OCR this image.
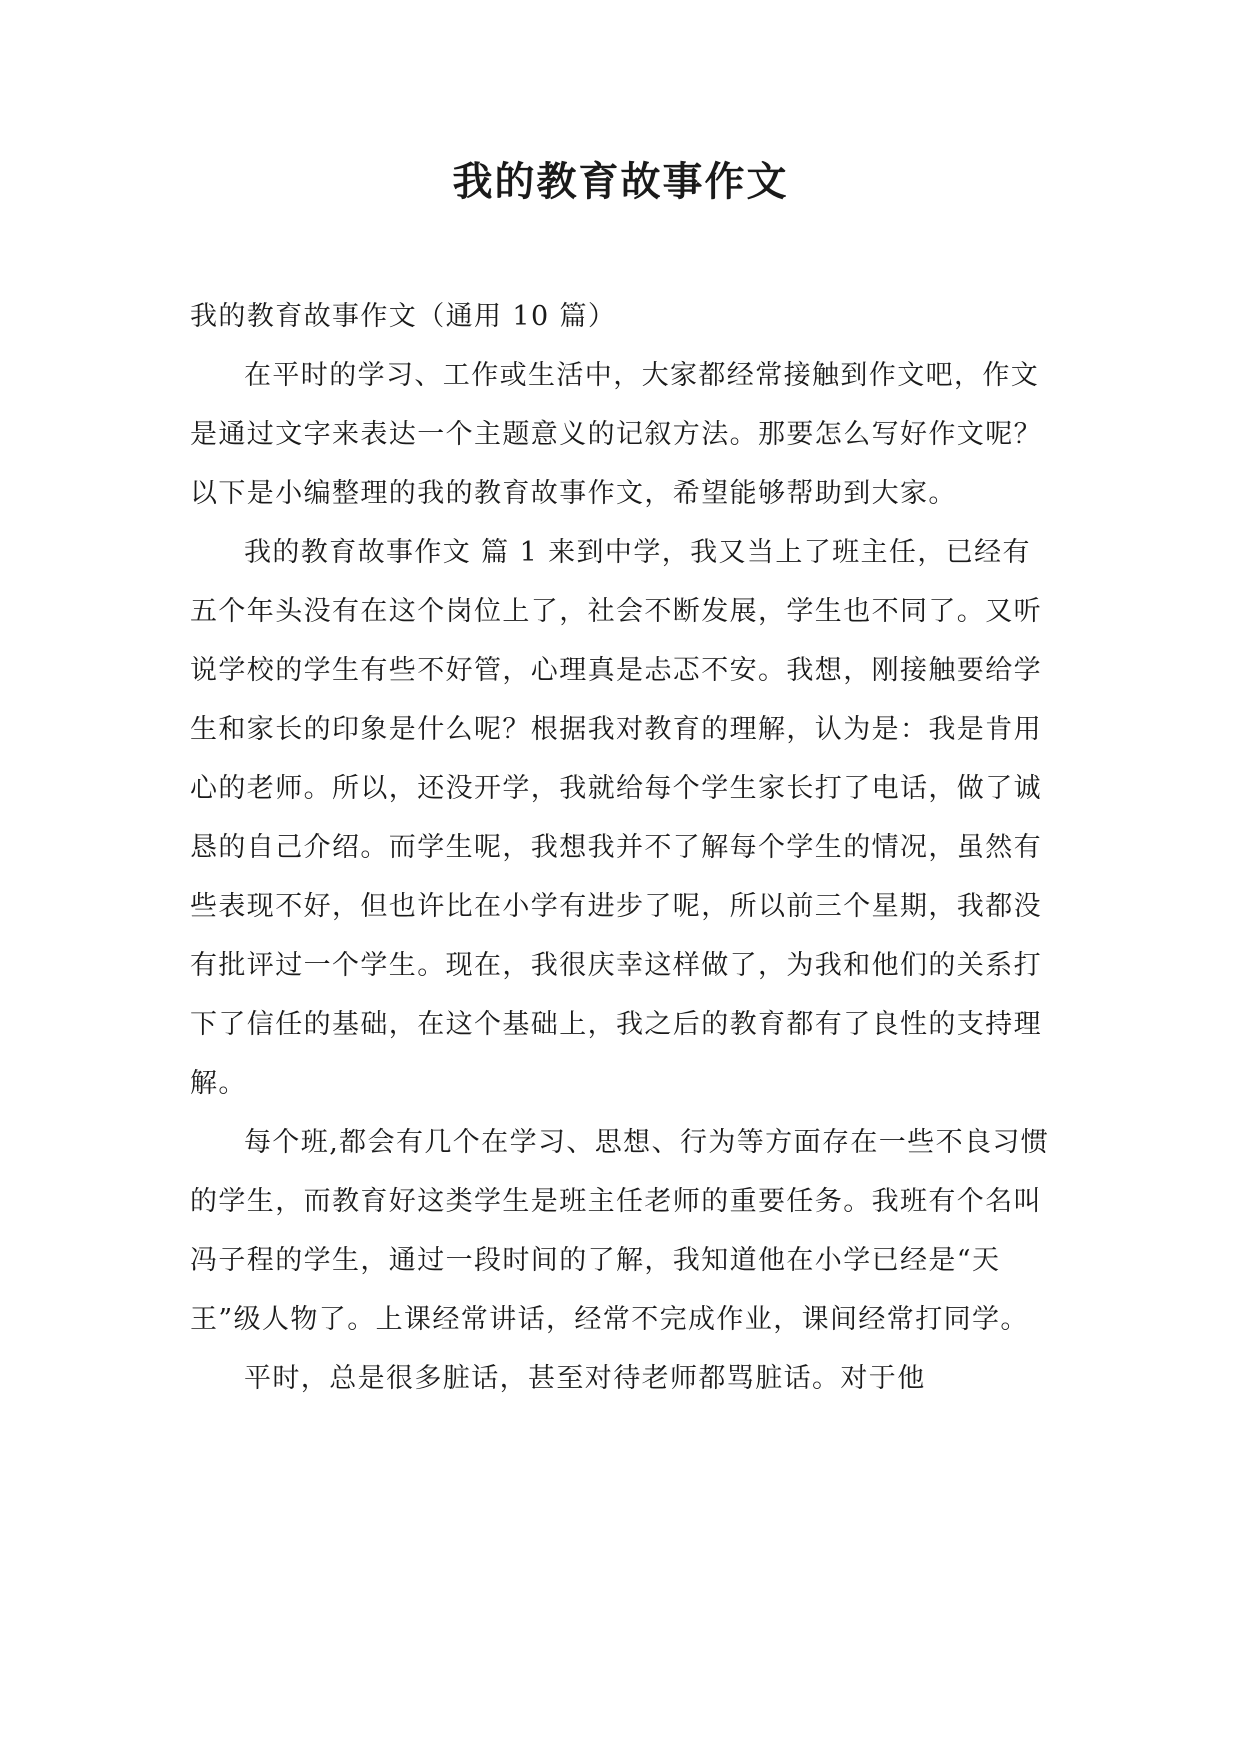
我的教育故事作文

我的教育故事作文（通用 10 篇）

在平时的学习、工作或生活中，大家都经常接触到作文吧，作文是通过文字来表达一个主题意义的记叙方法。那要怎么写好作文呢？以下是小编整理的我的教育故事作文，希望能够帮助到大家。

我的教育故事作文 篇 1 来到中学，我又当上了班主任，已经有五个年头没有在这个岗位上了，社会不断发展，学生也不同了。又听说学校的学生有些不好管，心理真是忐忑不安。我想，刚接触要给学生和家长的印象是什么呢？根据我对教育的理解，认为是：我是肯用心的老师。所以，还没开学，我就给每个学生家长打了电话，做了诚恳的自己介绍。而学生呢，我想我并不了解每个学生的情况，虽然有些表现不好，但也许比在小学有进步了呢，所以前三个星期，我都没有批评过一个学生。现在，我很庆幸这样做了，为我和他们的关系打下了信任的基础，在这个基础上，我之后的教育都有了良性的支持理解。

每个班,都会有几个在学习、思想、行为等方面存在一些不良习惯的学生，而教育好这类学生是班主任老师的重要任务。我班有个名叫冯子程的学生，通过一段时间的了解，我知道他在小学已经是“天王”级人物了。上课经常讲话，经常不完成作业，课间经常打同学。

平时，总是很多脏话，甚至对待老师都骂脏话。对于他
